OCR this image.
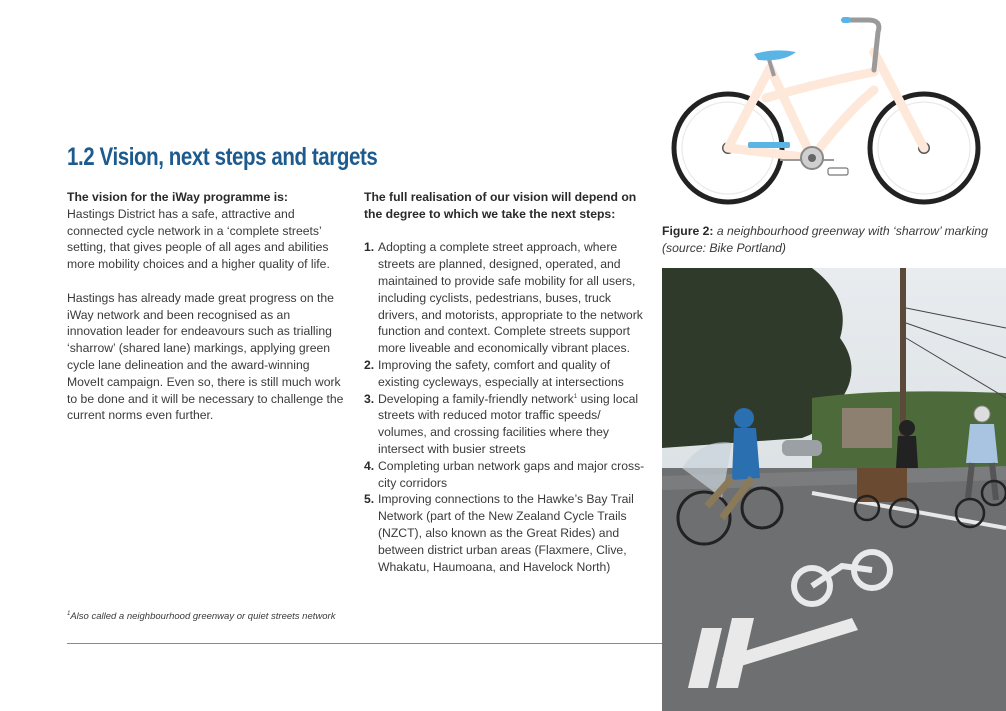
1.2 Vision, next steps and targets
The vision for the iWay programme is:

Hastings District has a safe, attractive and connected cycle network in a ‘complete streets’ setting, that gives people of all ages and abilities more mobility choices and a higher quality of life.

Hastings has already made great progress on the iWay network and been recognised as an innovation leader for endeavours such as trialling ‘sharrow’ (shared lane) markings, applying green cycle lane delineation and the award-winning MoveIt campaign. Even so, there is still much work to be done and it will be necessary to challenge the current norms even further.

The full realisation of our vision will depend on the degree to which we take the next steps:
Adopting a complete street approach, where streets are planned, designed, operated, and maintained to provide safe mobility for all users, including cyclists, pedestrians, buses, truck drivers, and motorists, appropriate to the network function and context. Complete streets support more liveable and economically vibrant places.
Improving the safety, comfort and quality of existing cycleways, especially at intersections
Developing a family-friendly network$^1$ using local streets with reduced motor traffic speeds/ volumes, and crossing facilities where they intersect with busier streets
Completing urban network gaps and major cross-city corridors
Improving connections to the Hawke’s Bay Trail Network (part of the New Zealand Cycle Trails (NZCT), also known as the Great Rides) and between district urban areas (Flaxmere, Clive, Whakatu, Haumoana, and Havelock North)
$^1$Also called a neighbourhood greenway or quiet streets network
Figure 2: a neighbourhood greenway with ‘sharrow’ marking (source: Bike Portland)
